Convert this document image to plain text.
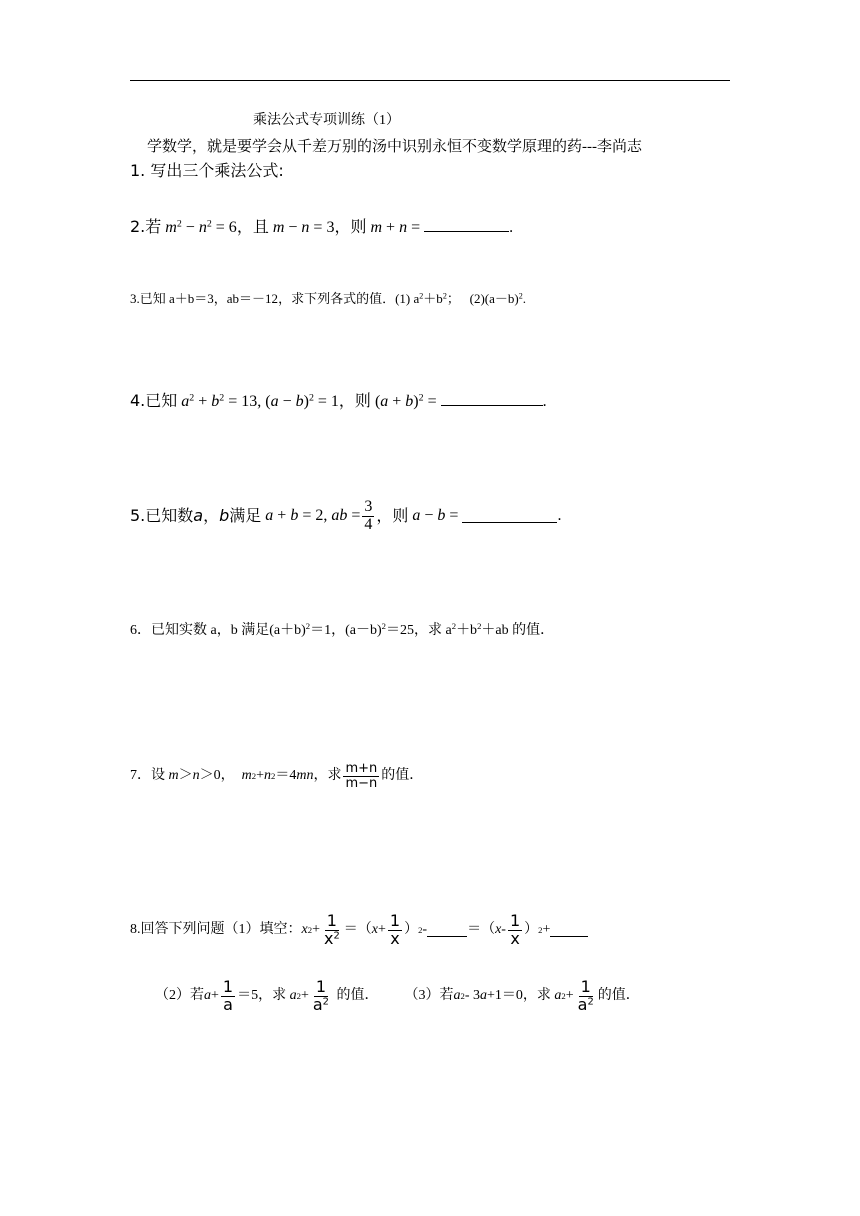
乘法公式专项训练（1）
学数学，就是要学会从千差万别的汤中识别永恒不变数学原理的药---李尚志
1. 写出三个乘法公式:
2.若 $m^2 - n^2 = 6$，且 m − n = 3，则 m + n =	.
3.已知 a＋b＝3，ab＝－12，求下列各式的值．(1) $a^2+b^2$； $(2)(a-b)^2$.
4.已知 $a^2 + b^2 = 13$, $(a - b)^2 = 1$，则 $(a + b)^2$ =	.
5.已知数 a ， b 满足 a + b = 2, ab = $\frac{3}{4}$ ，则 a − b =	.
6．已知实数 a，b 满足$(a+b)^2=1$，$(a-b)^2=25$，求 $a^2+b^2+ab$ 的值．
7．设
m ＞ n ＞0 ，
m 2 + n 2 ＝4 mn ，求 $\frac{m+n}{m-n}$ 的值．
8.回答下列问题（1）填空： x $2 + \frac{1}{x^2}$ ＝（ $x + \frac{1}{x}$ ） 2 -	＝（ x - $\frac{1}{x}$ ） 2 +
（2）若 $a + \frac{1}{a} =5$，求
a $2 + \frac{1}{a^2}$
的值． （3）若 a 2 - 3 a +1 ＝0，求
a $2 + \frac{1}{a^2}$ 的值．
